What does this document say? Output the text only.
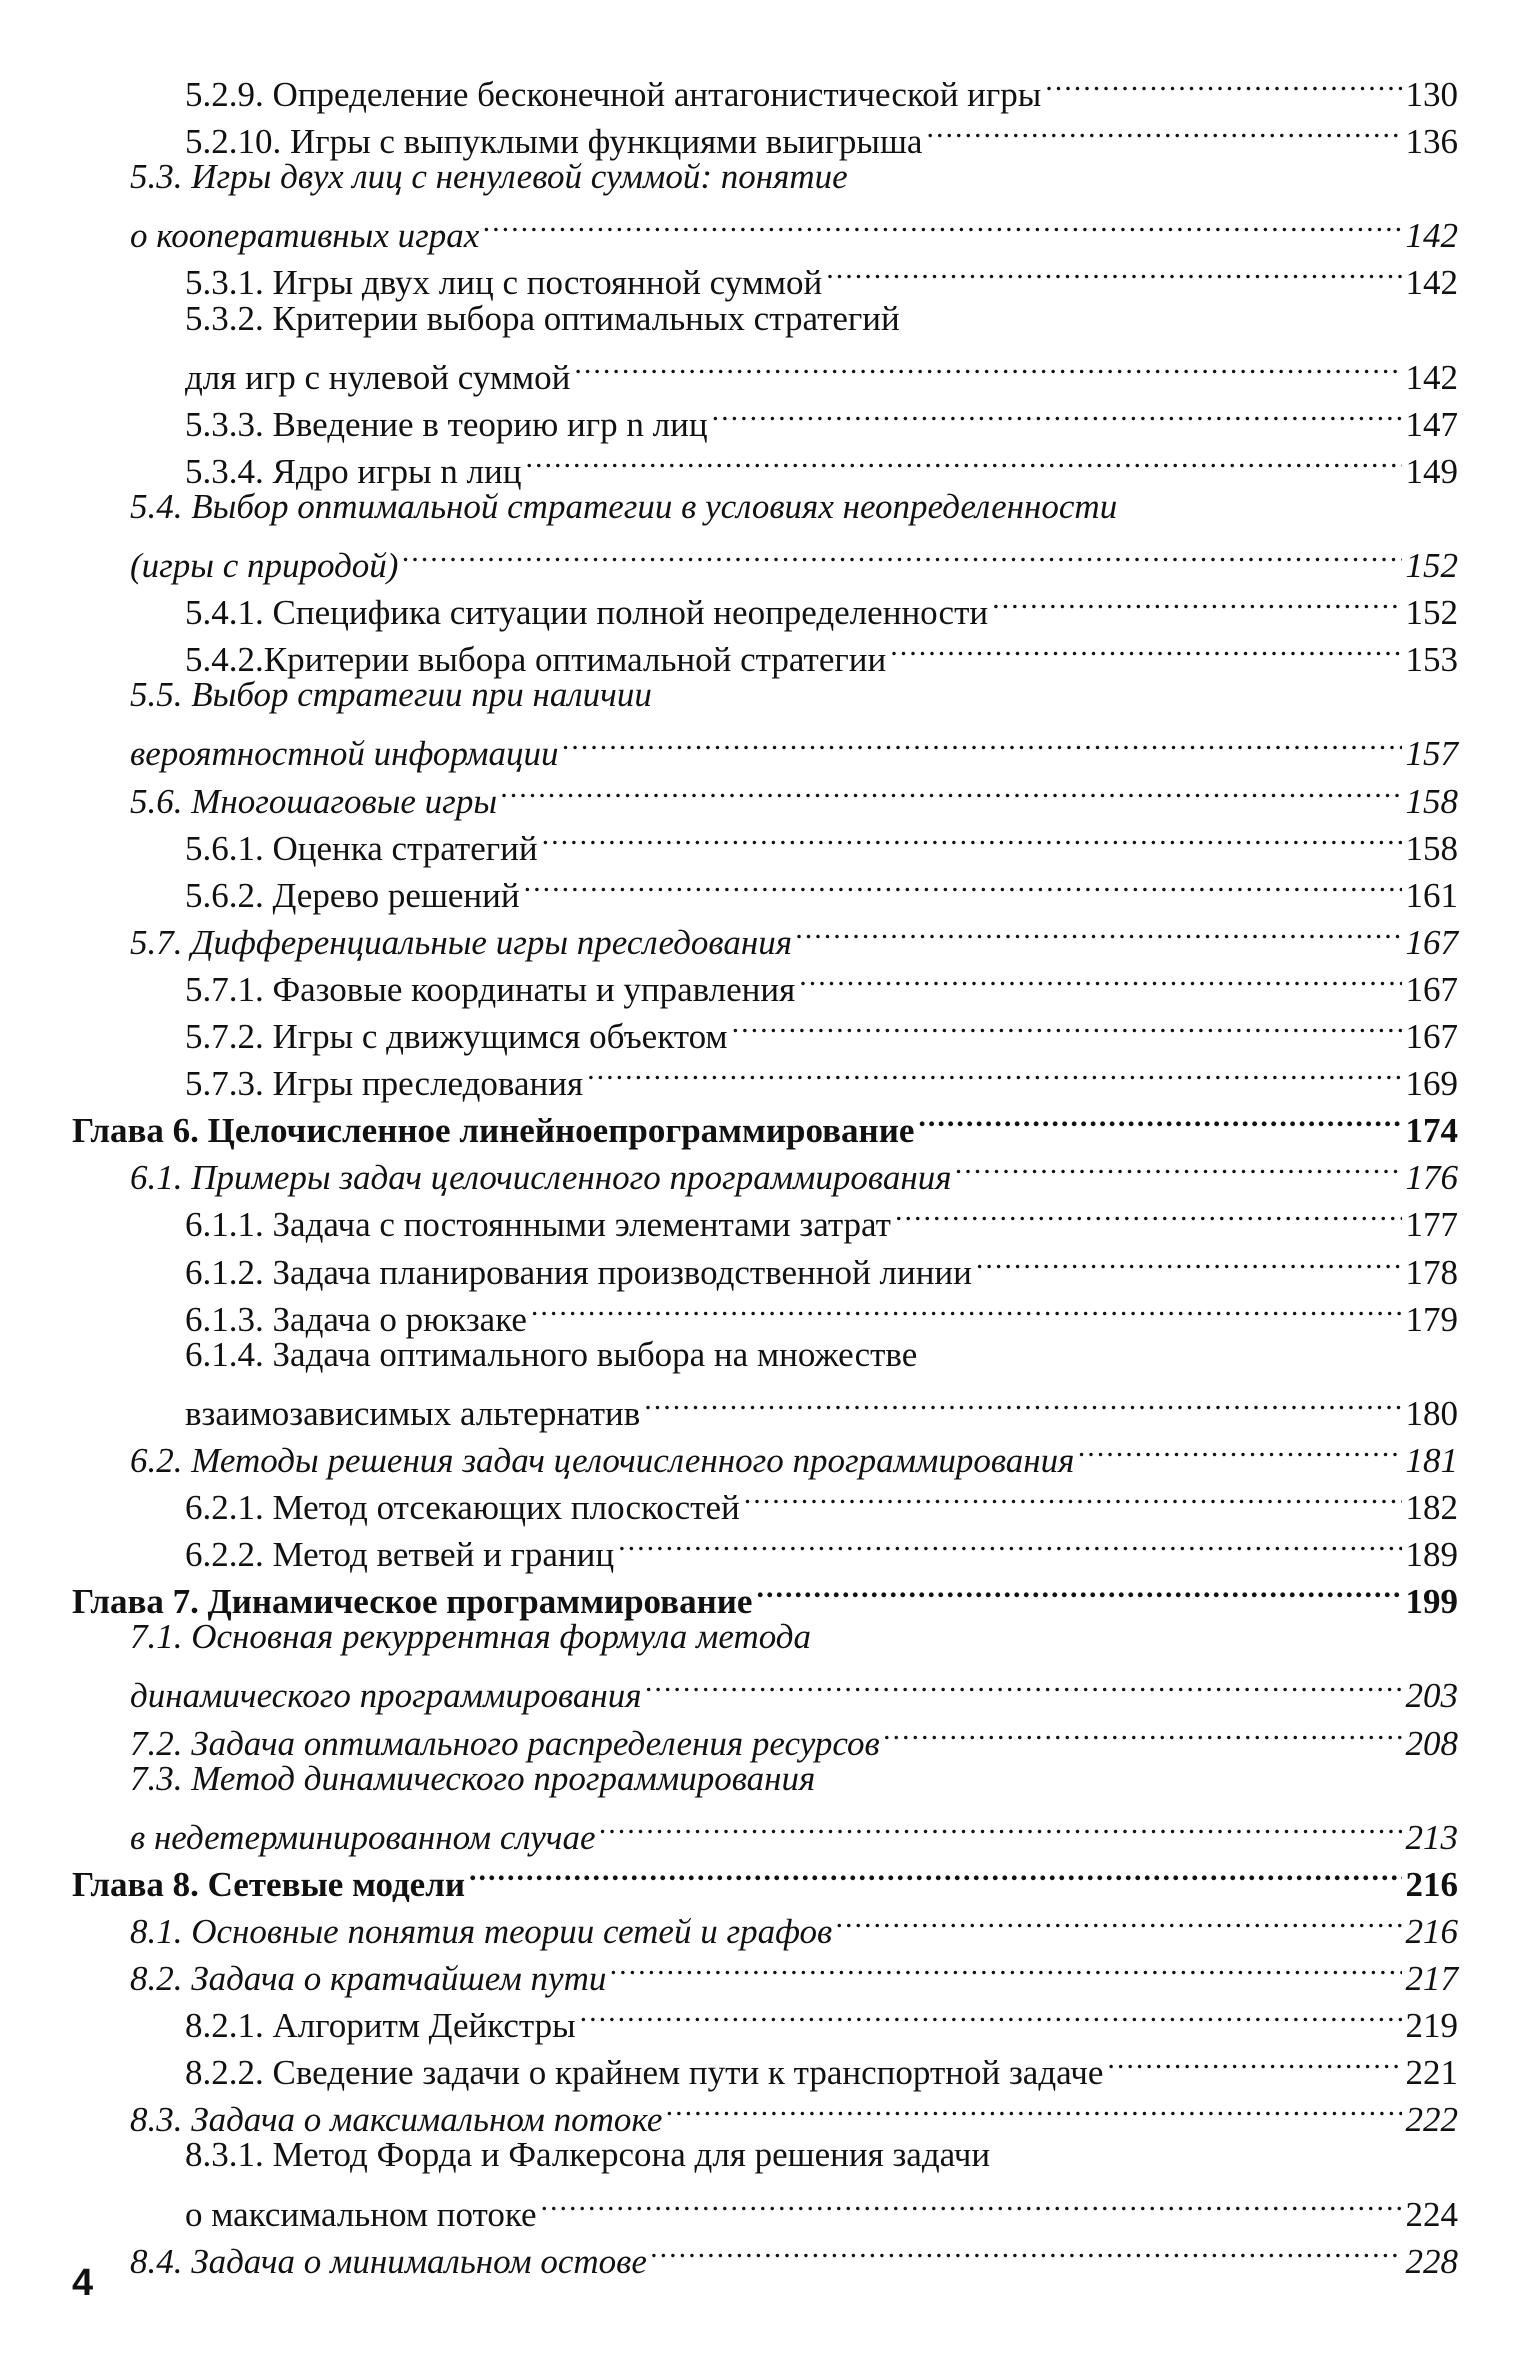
5.2.9. Определение бесконечной антагонистической игры .....	130
5.2.10. Игры с выпуклыми функциями выигрыша .....	136
5.3. Игры двух лиц с ненулевой суммой: понятие
о кооперативных играх .....	142
5.3.1. Игры двух лиц с постоянной суммой .....	142
5.3.2. Критерии выбора оптимальных стратегий
для игр с нулевой суммой .....	142
5.3.3. Введение в теорию игр n лиц .....	147
5.3.4. Ядро игры n лиц .....	149
5.4. Выбор оптимальной стратегии в условиях неопределенности
(игры с природой) .....	152
5.4.1. Специфика ситуации полной неопределенности .....	152
5.4.2.Критерии выбора оптимальной стратегии .....	153
5.5. Выбор стратегии при наличии
вероятностной информации .....	157
5.6. Многошаговые игры .....	158
5.6.1. Оценка стратегий .....	158
5.6.2. Дерево решений .....	161
5.7. Дифференциальные игры преследования .....	167
5.7.1. Фазовые координаты и управления .....	167
5.7.2. Игры с движущимся объектом .....	167
5.7.3. Игры преследования .....	169
Глава 6. Целочисленное линейноепрограммирование .....	174
6.1. Примеры задач целочисленного программирования .....	176
6.1.1. Задача с постоянными элементами затрат .....	177
6.1.2. Задача планирования производственной линии .....	178
6.1.3. Задача о рюкзаке .....	179
6.1.4. Задача оптимального выбора на множестве
взаимозависимых альтернатив .....	180
6.2. Методы решения задач целочисленного программирования .....	181
6.2.1. Метод отсекающих плоскостей .....	182
6.2.2. Метод ветвей и границ .....	189
Глава 7. Динамическое программирование .....	199
7.1. Основная рекуррентная формула метода
динамического программирования .....	203
7.2. Задача оптимального распределения ресурсов .....	208
7.3. Метод динамического программирования
в недетерминированном случае .....	213
Глава 8. Сетевые модели .....	216
8.1. Основные понятия теории сетей и графов .....	216
8.2. Задача о кратчайшем пути .....	217
8.2.1. Алгоритм Дейкстры .....	219
8.2.2. Сведение задачи о крайнем пути к транспортной задаче .....	221
8.3. Задача о максимальном потоке .....	222
8.3.1. Метод Форда и Фалкерсона для решения задачи
о максимальном потоке .....	224
8.4. Задача о минимальном остове .....	228
4
